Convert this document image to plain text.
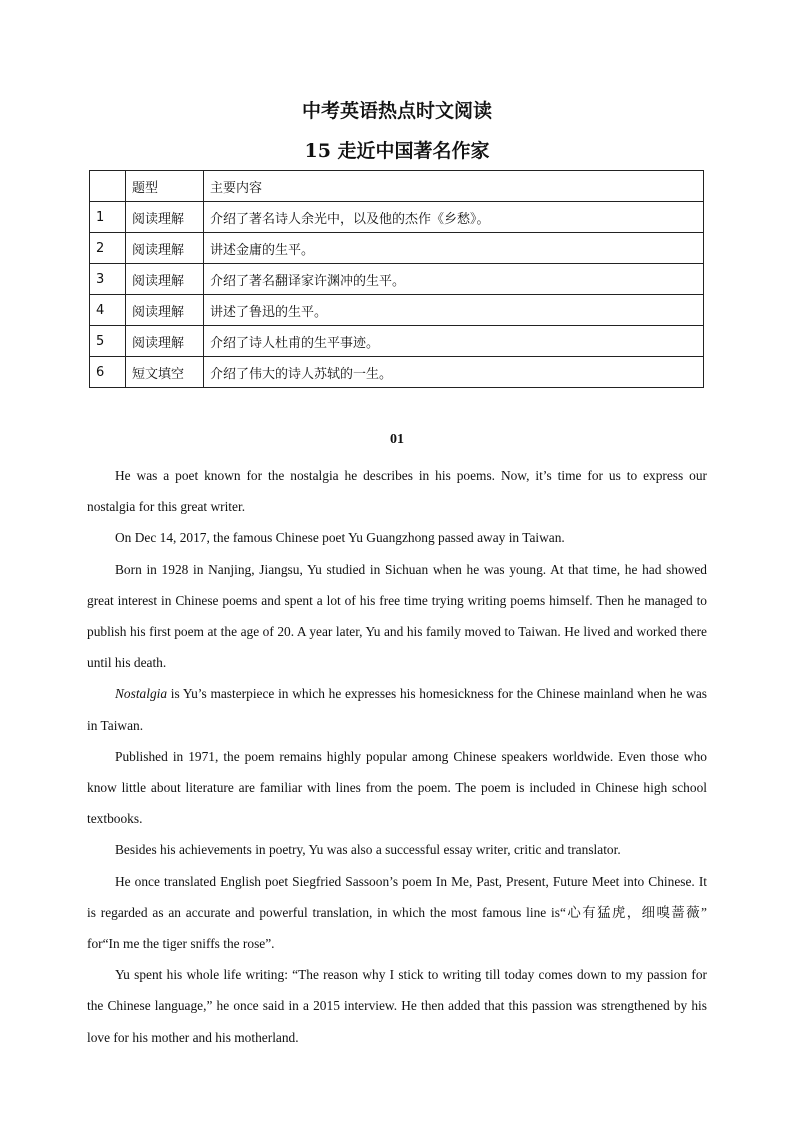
中考英语热点时文阅读
15 走近中国著名作家
	题型	主要内容
1	阅读理解	介绍了著名诗人余光中，以及他的杰作《乡愁》。
2	阅读理解	讲述金庸的生平。
3	阅读理解	介绍了著名翻译家许渊冲的生平。
4	阅读理解	讲述了鲁迅的生平。
5	阅读理解	介绍了诗人杜甫的生平事迹。
6	短文填空	介绍了伟大的诗人苏轼的一生。
01

He was a poet known for the nostalgia he describes in his poems. Now, it’s time for us to express our nostalgia for this great writer.

On Dec 14, 2017, the famous Chinese poet Yu Guangzhong passed away in Taiwan.

Born in 1928 in Nanjing, Jiangsu, Yu studied in Sichuan when he was young. At that time, he had showed great interest in Chinese poems and spent a lot of his free time trying writing poems himself. Then he managed to publish his first poem at the age of 20. A year later, Yu and his family moved to Taiwan. He lived and worked there until his death.

Nostalgia is Yu’s masterpiece in which he expresses his homesickness for the Chinese mainland when he was in Taiwan.

Published in 1971, the poem remains highly popular among Chinese speakers worldwide. Even those who know little about literature are familiar with lines from the poem. The poem is included in Chinese high school textbooks.

Besides his achievements in poetry, Yu was also a successful essay writer, critic and translator.

He once translated English poet Siegfried Sassoon’s poem In Me, Past, Present, Future Meet into Chinese. It is regarded as an accurate and powerful translation, in which the most famous line is“心有猛虎，细嗅蔷薇” for“In me the tiger sniffs the rose”.

Yu spent his whole life writing: “The reason why I stick to writing till today comes down to my passion for the Chinese language,” he once said in a 2015 interview. He then added that this passion was strengthened by his love for his mother and his motherland.
